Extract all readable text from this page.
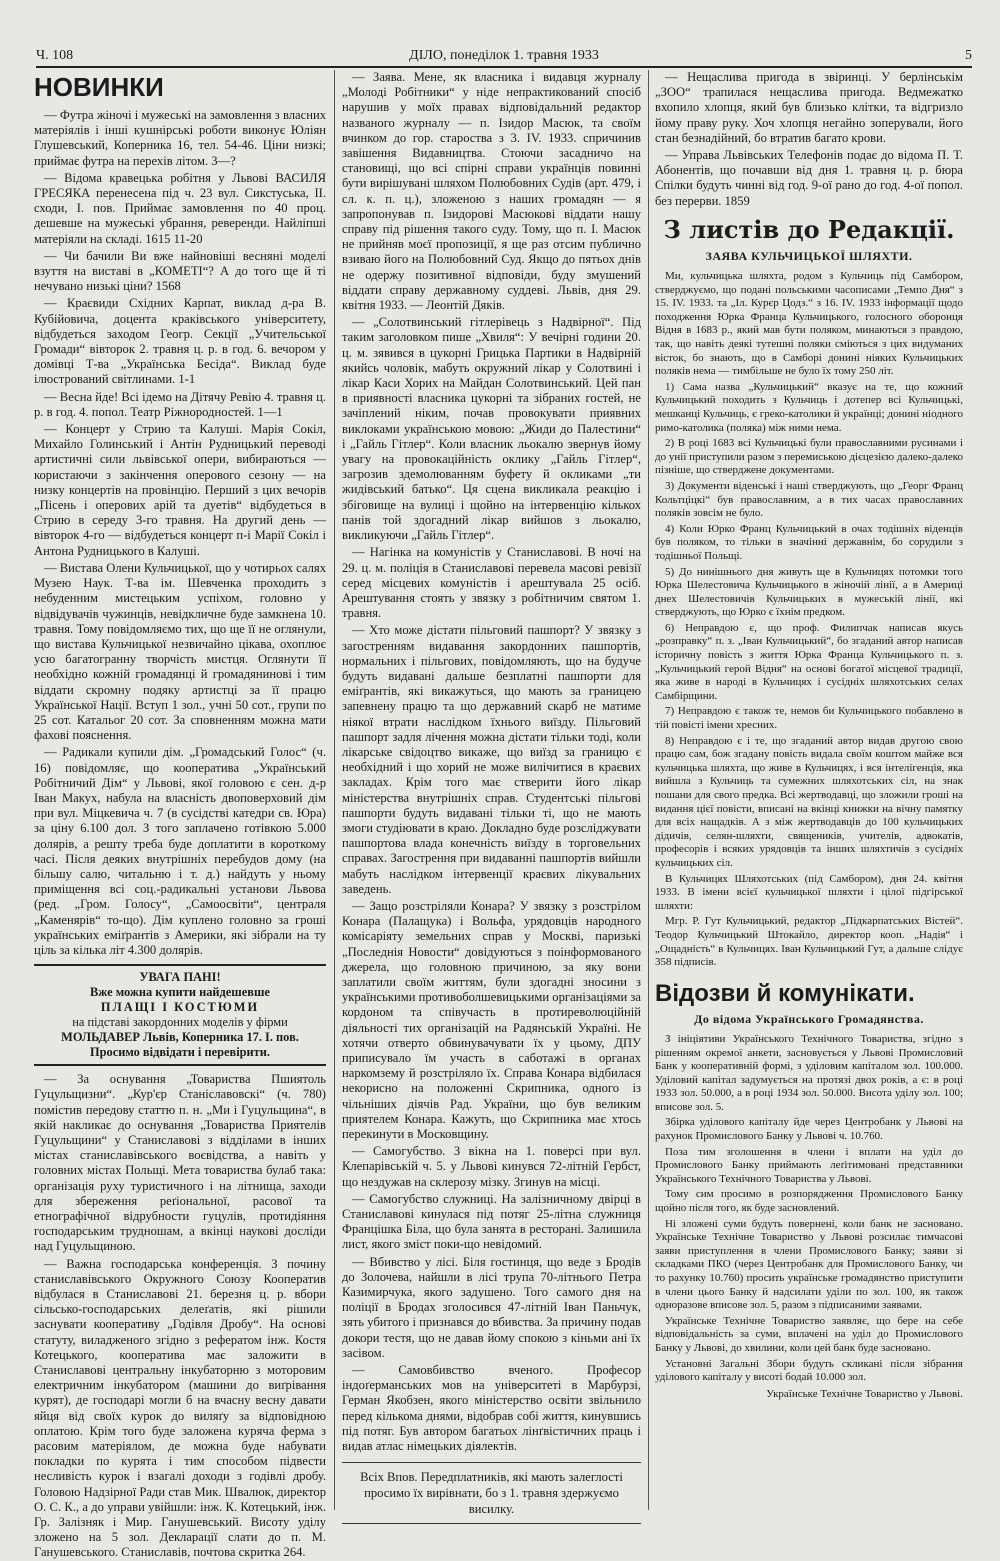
Ч. 108	ДІЛО, понеділок 1. травня 1933	5
НОВИНКИ

— Футра жіночі і мужеські на замовлення з власних матеріялів і інші кушнірські роботи виконує Юліян Глушевський, Коперника 16, тел. 54-46. Ціни низкі; приймає футра на перехів літом. 3—?

— Відома кравецька робітня у Львові ВАСИЛЯ ГРЕСЯКА перенесена під ч. 23 вул. Сикстуська, ІІ. сходи, І. пов. Приймає замовлення по 40 проц. дешевше на мужеські убрання, реверенди. Найліпші матеріяли на складі. 1615 11-20

— Чи бачили Ви вже найновіші весняні моделі взуття на виставі в „КОМЕТІ“? А до того ще й ті нечувано низькі ціни? 1568

— Краєвиди Східних Карпат, виклад д-ра В. Кубійовича, доцента краківського університету, відбудеться заходом Геогр. Секції „Учительської Громади“ вівторок 2. травня ц. р. в год. 6. вечором у домівці Т-ва „Українська Бесіда“. Виклад буде ілюстрований світлинами. 1-1

— Весна йде! Всі ідемо на Дітячу Ревію 4. травня ц. р. в год. 4. попол. Театр Ріжнородностей. 1—1

— Концерт у Стрию та Калуші. Марія Сокіл, Михайло Голинський і Антін Рудницький переводі артистичні сили львівської опери, вибираються — користаючи з закінчення оперового сезону — на низку концертів на провінцію. Перший з цих вечорів „Пісень і оперових арій та дуетів“ відбудеться в Стрию в середу 3-го травня. На другий день — вівторок 4-го — відбудеться концерт п-і Марії Сокіл і Антона Рудницького в Калуші.

— Вистава Олени Кульчицької, що у чотирьох салях Музею Наук. Т-ва ім. Шевченка проходить з небуденним мистецьким успіхом, головно у відвідувачів чужинців, невідкличне буде замкнена 10. травня. Тому повідомляємо тих, що ще її не оглянули, що вистава Кульчицької незвичайно цікава, охоплює усю багатогранну творчість мистця. Оглянути її необхідно кожній громадянці й громадянинові і тим віддати скромну подяку артистці за її працю Української Нації. Вступ 1 зол., учні 50 сот., групи по 25 сот. Катальог 20 сот. За сповненням можна мати фахові пояснення.

— Радикали купили дім. „Громадський Голос“ (ч. 16) повідомляє, що кооператива „Український Робітничий Дім“ у Львові, якої головою є сен. д-р Іван Макух, набула на власність двоповерховий дім при вул. Міцкевича ч. 7 (в сусідстві катедри св. Юра) за ціну 6.100 дол. З того заплачено готівкою 5.000 долярів, а решту треба буде доплатити в короткому часі. Після деяких внутрішніх перебудов дому (на більшу салю, читальню і т. д.) найдуть у ньому приміщення всі соц.-радикальні установи Львова (ред. „Гром. Голосу“, „Самоосвіти“, централя „Каменярів“ то-що). Дім куплено головно за гроші українських еміґрантів з Америки, які зібрали на ту ціль за кілька літ 4.300 долярів.

УВАГА ПАНІ!
Вже можна купити найдешевше
ПЛАЩІ І КОСТЮМИ
на підставі закордонних моделів у фірми
МОЛЬДАВЕР Львів, Коперника 17. І. пов.
Просимо відвідати і перевірити.

— За оснування „Товариства Пшиятоль Гуцульщизни“. „Кур'єр Станіславовскі“ (ч. 780) помістив передову статтю п. н. „Ми і Гуцульщина“, в якій накликає до оснування „Товариства Приятелів Гуцульщини“ у Станиславові з відділами в інших містах станиславівського воєвідства, а навіть у головних містах Польщі. Мета товариства булаб така: організація руху туристичного і на літнища, заходи для збереження реґіональної, расової та етнографічної відрубности гуцулів, протидіяння господарським трудношам, а вкінці наукові досліди над Гуцульщиною.

— Важна господарська конференція. З почину станиславівського Окружного Союзу Кооператив відбулася в Станиславові 21. березня ц. р. вбори сільсько-господарських делеґатів, які рішили заснувати кооперативу „Годівля Дробу“. На основі статуту, виладженого згідно з рефератом інж. Костя Котецького, кооператива має заложити в Станиславові центральну інкубаторню з моторовим електричним інкубатором (машини до виґрівання курят), де господарі могли б на вчасну весну давати яйця від своїх курок до виляґу за відповідною оплатою. Крім того буде заложена куряча ферма з расовим матеріялом, де можна буде набувати покладки по курята і тим способом підвести несливість курок і взагалі доходи з годівлі дробу. Головою Надзірної Ради став Мик. Швалюк, директор О. С. К., а до управи увійшли: інж. К. Котецький, інж. Гр. Залізняк і Мир. Ганушевський. Висоту уділу зложено на 5 зол. Декларації слати до п. М. Ганушевського. Станиславів, почтова скритка 264.

— Заява. Мене, як власника і видавця журналу „Молоді Робітники“ у ніде непрактикований спосіб нарушив у моїх правах відповідальний редактор названого журналу — п. Ізидор Масюк, та своїм вчинком до гор. староства з 3. IV. 1933. спричинив завішення Видавництва. Стоючи засадничо на становищі, що всі спірні справи українців повинні бути вирішувані шляхом Полюбовних Судів (арт. 479, і сл. к. п. ц.), зложеною з наших громадян — я запропонував п. Ізидорові Масюкові віддати нашу справу під рішення такого суду. Тому, що п. І. Масюк не прийняв моєї пропозиції, я ще раз отсим публично взиваю його на Полюбовний Суд. Якщо до пятьох днів не одержу позитивної відповіди, буду змушений віддати справу державному суддеві. Львів, дня 29. квітня 1933. — Леонтій Дяків.

— „Солотвинський гітлерівець з Надвірної“. Під таким заголовком пише „Хвиля“: У вечірні години 20. ц. м. зявився в цукорні Грицька Партики в Надвірній якийсь чоловік, мабуть окружний лікар у Солотвині і лікар Каси Хорих на Майдан Солотвинський. Цей пан в приявності власника цукорні та зібраних гостей, не зачіплений ніким, почав провокувати приявних виклоками українською мовою: „Жиди до Палестини“ і „Гайль Гітлер“. Коли власник льокалю звернув йому увагу на провокаційність оклику „Гайль Гітлер“, загрозив здемолюванням буфету й окликами „ти жидівський батько“. Ця сцена викликала реакцію і збіговище на вулиці і щойно на інтервенцію кількох панів той здогадний лікар вийшов з льокалю, викликуючи „Гайль Гітлер“.

— Нагінка на комуністів у Станиславові. В ночі на 29. ц. м. поліція в Станиславові перевела масові ревізії серед місцевих комуністів і арештувала 25 осіб. Арештування стоять у звязку з робітничим святом 1. травня.

— Хто може дістати пільговий пашпорт? У звязку з загостренням видавання закордонних пашпортів, нормальних і пільгових, повідомляють, що на будуче будуть видавані дальше безплатні пашпорти для еміґрантів, які викажуться, що мають за границею запевнену працю та що державний скарб не матиме ніякої втрати наслідком їхнього виїзду. Пільговий пашпорт задля лічення можна дістати тільки тоді, коли лікарське свідоцтво викаже, що виїзд за границю є необхідний і що хорий не може вилічитися в краєвих закладах. Крім того має стверити його лікар міністерства внутрішніх справ. Студентські пільгові пашпорти будуть видавані тільки ті, що не мають змоги студіювати в краю. Докладно буде розсліджувати пашпортова влада конечність виїзду в торговельних справах. Загострення при видаванні пашпортів вийшли мабуть наслідком інтервенції краєвих лікувальних заведень.

— Защо розстріляли Конара? У звязку з розстрілом Конара (Палащука) і Вольфа, урядовців народного комісаріяту земельних справ у Москві, паризькі „Последнія Новости“ довідуються з поінформованого джерела, що головною причиною, за яку вони заплатили своїм життям, були здогадні зносини з українськими противоболшевицькими організаціями за кордоном та співучасть в протиреволюційній діяльності тих організацій на Радянській Україні. Не хотячи отверто обвинувачувати їх у цьому, ДПУ приписувало їм участь в саботажі в органах наркомзему й розстріляло їх. Справа Конара відбилася некорисно на положенні Скрипника, одного із чільніших діячів Рад. України, що був великим приятелем Конара. Кажуть, що Скрипника має хтось перекинути в Московщину.

— Самогубство. З вікна на 1. поверсі при вул. Клепарівській ч. 5. у Львові кинувся 72-літній Гербст, що нездужав на склерозу мізку. Згинув на місці.

— Самогубство служниці. На залізничному двірці в Станиславові кинулася під потяг 25-літна служниця Францішка Біла, що була занята в ресторані. Залишила лист, якого зміст поки-що невідомий.

— Вбивство у лісі. Біля гостинця, що веде з Бродів до Золочева, найшли в лісі трупа 70-літнього Петра Казимирчука, якого задушено. Того самого дня на поліції в Бродах зголосився 47-літній Іван Паньчук, зять убитого і признався до вбивства. За причину подав докори тестя, що не давав йому спокою з кіньми ані їх засівом.

— Самовбивство вченого. Професор індоґерманських мов на університеті в Марбурзі, Герман Якобзен, якого міністерство освіти звільнило перед кількома днями, відобрав собі життя, кинувшись під потяг. Був автором багатьох лінґвістичних праць і видав атлас німецьких діялектів.

Всіх Впов. Передплатників, які мають залеглості просимо їх вирівнати, бо з 1. травня здержуємо висилку.

— Нещаслива пригода в звіринці. У берлінськім „ЗОО“ трапилася нещаслива пригода. Ведмежатко вхопило хлопця, який був близько клітки, та відгризло йому праву руку. Хоч хлопця негайно зоперували, його стан безнадійний, бо втратив багато крови.

— Управа Львівських Телефонів подає до відома П. Т. Абонентів, що почавши від дня 1. травня ц. р. бюра Спілки будуть чинні від год. 9-ої рано до год. 4-ої попол. без перерви. 1859

З листів до Редакції.

ЗАЯВА КУЛЬЧИЦЬКОЇ ШЛЯХТИ.

Ми, кульчицька шляхта, родом з Кульчиць під Самбором, стверджуємо, що подані польськими часописами „Темпо Дня“ з 15. IV. 1933. та „Іл. Курєр Цодз.“ з 16. IV. 1933 інформації щодо походження Юрка Франца Кульчицького, голосного оборонця Відня в 1683 р., який мав бути поляком, минаються з правдою, так, що навіть деякі тутешні поляки сміються з цих видуманих вісток, бо знають, що в Самборі донині ніяких Кульчицьких поляків нема — тимбільше не було їх тому 250 літ.

1) Сама назва „Кульчицький“ вказує на те, що кожний Кульчицький походить з Кульчиць і дотепер всі Кульчицькі, мешканці Кульчиць, є греко-католики й українці; донині ніодного римо-католика (поляка) між ними нема.

2) В році 1683 всі Кульчицькі були православними русинами і до унії приступили разом з перемиською дієцезією далеко-далеко пізніше, що стверджене документами.

3) Документи віденські і наші стверджують, що „Георг Франц Кольтціцкі“ був православним, а в тих часах православних поляків зовсім не було.

4) Коли Юрко Франц Кульчицький в очах тодішніх віденців був поляком, то тільки в значінні державнім, бо сорудили з тодішньої Польщі.

5) До нинішнього дня живуть ще в Кульчицях потомки того Юрка Шелестовича Кульчицького в жіночій лінії, а в Америці днех Шелестовичів Кульчицьких в мужеській лінії, які стверджують, що Юрко є їхнім предком.

6) Неправдою є, що проф. Филипчак написав якусь „розправку“ п. з. „Іван Кульчицький“, бо згаданий автор написав історичну повість з життя Юрка Франца Кульчицького п. з. „Кульчицький герой Відня“ на основі богатої місцевої традиції, яка живе в народі в Кульчицях і сусідніх шляхотських селах Самбірщини.

7) Неправдою є також те, немов би Кульчицького побавлено в тій повісті імени хресних.

8) Неправдою є і те, що згаданий автор видав другою свою працю сам, бож згадану повість видала своїм коштом майже вся кульчицька шляхта, що живе в Кульчицях, і вся інтелігенція, яка вийшла з Кульчиць та сумежних шляхотських сіл, на знак пошани для свого предка. Всі жертводавці, що зложили гроші на видання цієї повісти, вписані на вкінці книжки на вічну памятку для всіх нащадків. А з між жертводавців до 100 кульчицьких дідичів, селян-шляхти, священиків, учителів, адвокатів, професорів і всяких урядовців та інших шляхтичів з сусідніх кульчицьких сіл.

В Кульчицях Шляхотських (під Самбором), дня 24. квітня 1933. В імени всієї кульчицької шляхти і цілої підгірської шляхти:

Мгр. Р. Гут Кульчицький, редактор „Підкарпатських Вістей“. Теодор Кульчицький Штокайло, директор кооп. „Надія“ і „Ощадність“ в Кульчицях. Іван Кульчицький Гут, а дальше слідує 358 підписів.

Відозви й комунікати.

До відома Українського Громадянства.

З ініціятиви Українського Технічного Товариства, згідно з рішенням окремої анкети, засновується у Львові Промисловий Банк у кооперативній формі, з уділовим капіталом зол. 100.000. Уділовий капітал задумується на протязі двох років, а є: в році 1933 зол. 50.000, а в році 1934 зол. 50.000. Висота уділу зол. 100; вписове зол. 5.

Збірка уділового капіталу йде через Центробанк у Львові на рахунок Промислового Банку у Львові ч. 10.760.

Поза тим зголошення в члени і вплати на уділ до Промислового Банку приймають леґітимовані представники Українського Технічного Товариства у Львові.

Тому сим просимо в розпорядження Промислового Банку щойно після того, як буде засновлений.

Ні зложені суми будуть повернені, коли банк не засновано. Українське Технічне Товариство у Львові розсилає тимчасові заяви приступлення в члени Промислового Банку; заяви зі складками ПКО (через Центробанк для Промислового Банку, чи то рахунку 10.760) просить українське громадянство приступити в члени цього Банку й надсилати уділи по зол. 100, як також одноразове вписове зол. 5, разом з підписаними заявами.

Українське Технічне Товариство заявляє, що бере на себе відповідальність за суми, вплачені на уділ до Промислового Банку у Львові, до хвилини, коли цей банк буде засновано.

Установні Загальні Збори будуть скликані після зібрання уділового капіталу у висоті бодай 10.000 зол.

Українське Технічне Товариство у Львові.
